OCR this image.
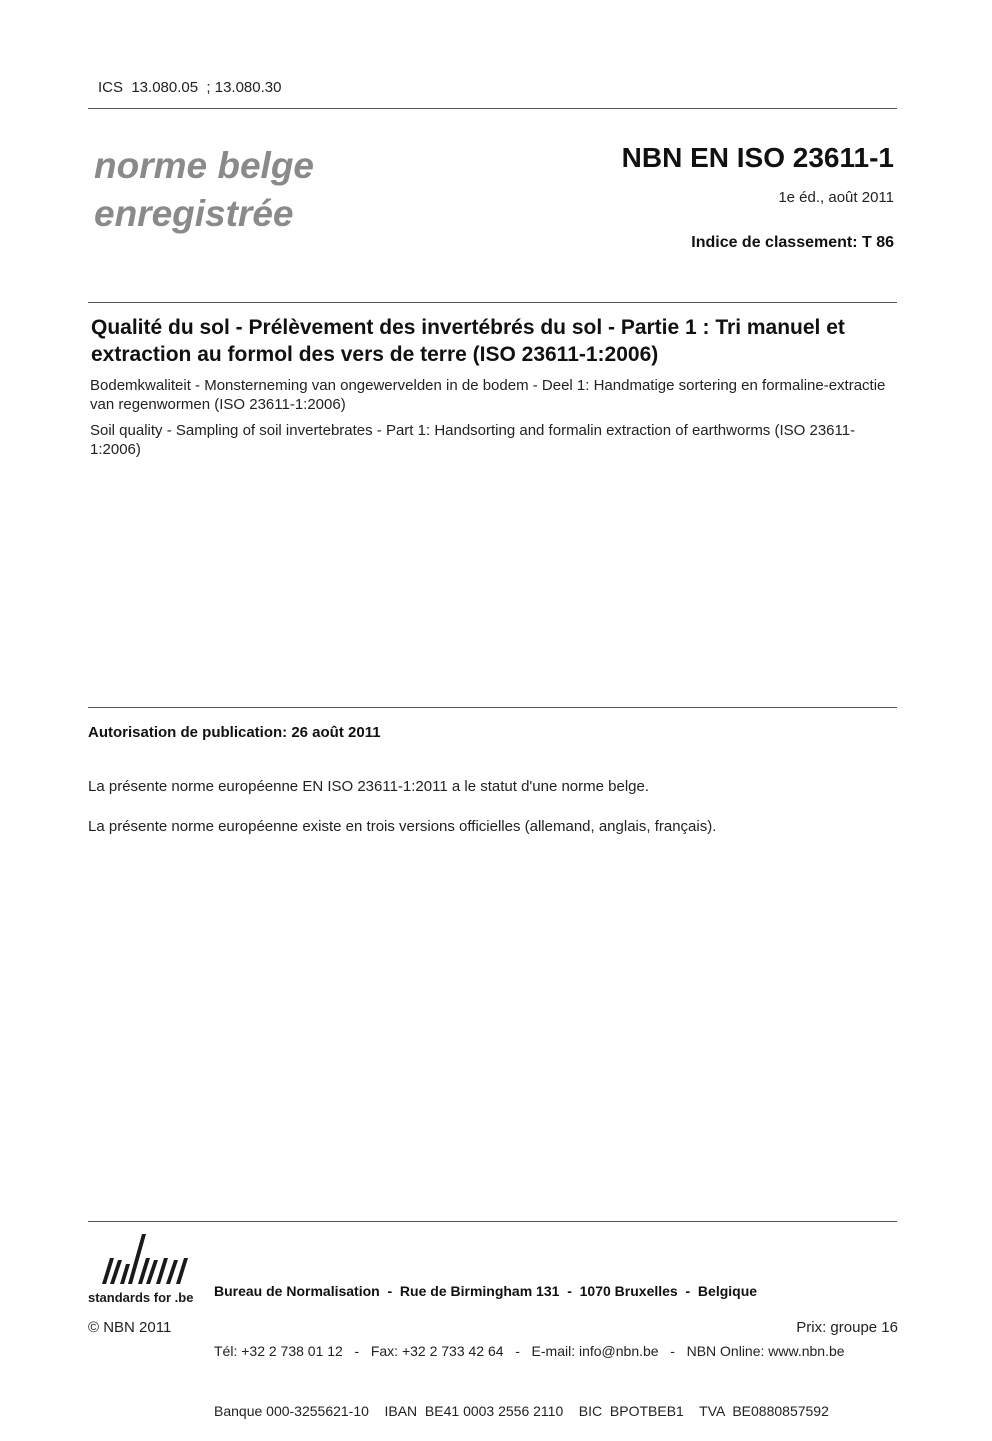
ICS  13.080.05  ; 13.080.30
norme belge
enregistrée
NBN EN ISO 23611-1
1e éd., août 2011
Indice de classement: T 86
Qualité du sol - Prélèvement des invertébrés du sol - Partie 1 : Tri manuel et extraction au formol des vers de terre (ISO 23611-1:2006)
Bodemkwaliteit - Monsterneming van ongewervelden in de bodem - Deel 1: Handmatige sortering en formaline-extractie van regenwormen (ISO 23611-1:2006)
Soil quality - Sampling of soil invertebrates - Part 1: Handsorting and formalin extraction of earthworms (ISO 23611-1:2006)
Autorisation de publication: 26 août 2011
La présente norme européenne EN ISO 23611-1:2011 a le statut d'une norme belge.
La présente norme européenne existe en trois versions officielles (allemand, anglais, français).
standards for .be

Bureau de Normalisation  -  Rue de Birmingham 131  -  1070 Bruxelles  -  Belgique

Tél: +32 2 738 01 12   -   Fax: +32 2 733 42 64   -   E-mail: info@nbn.be   -   NBN Online: www.nbn.be

Banque 000-3255621-10    IBAN  BE41 0003 2556 2110    BIC  BPOTBEB1    TVA  BE0880857592

© NBN 2011	Prix: groupe 16
